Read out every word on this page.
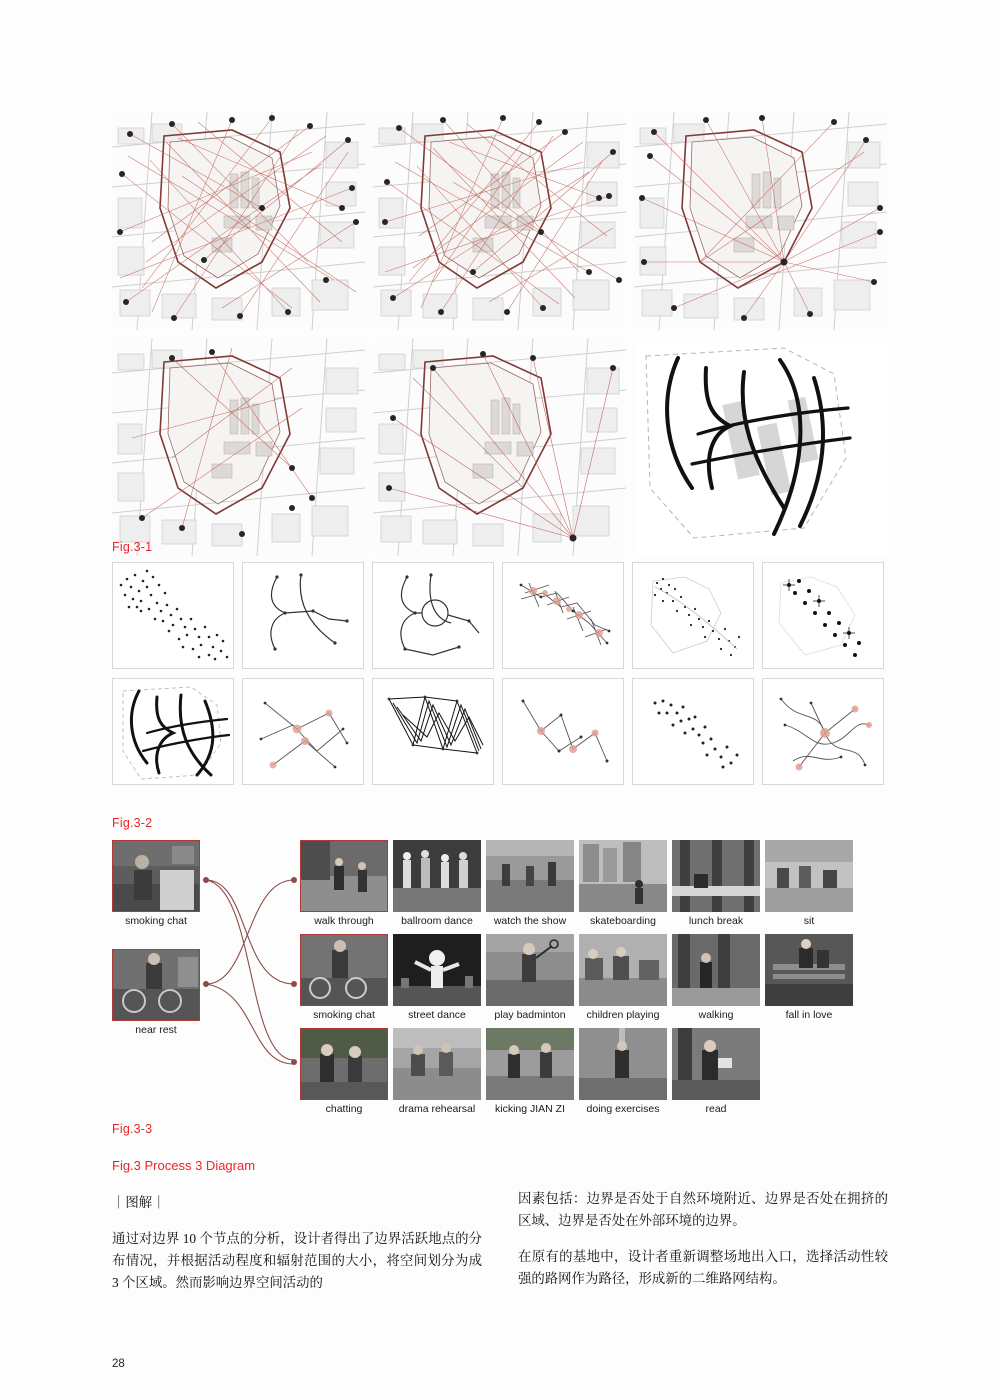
Fig.3-1
Fig.3-2
smoking chat
near rest
walk through	ballroom dance	watch the show	skateboarding	lunch break	sit
smoking chat	street dance	play badminton	children playing	walking	fall in love
chatting	drama rehearsal	kicking JIAN ZI	doing exercises	read
Fig.3-3
Fig.3 Process 3 Diagram

｜图解｜

通过对边界 10 个节点的分析，设计者得出了边界活跃地点的分布情况，并根据活动程度和辐射范围的大小，将空间划分为成 3 个区域。然而影响边界空间活动的

因素包括：边界是否处于自然环境附近、边界是否处在拥挤的区域、边界是否处在外部环境的边界。

在原有的基地中，设计者重新调整场地出入口，选择活动性较强的路网作为路径，形成新的二维路网结构。

28
